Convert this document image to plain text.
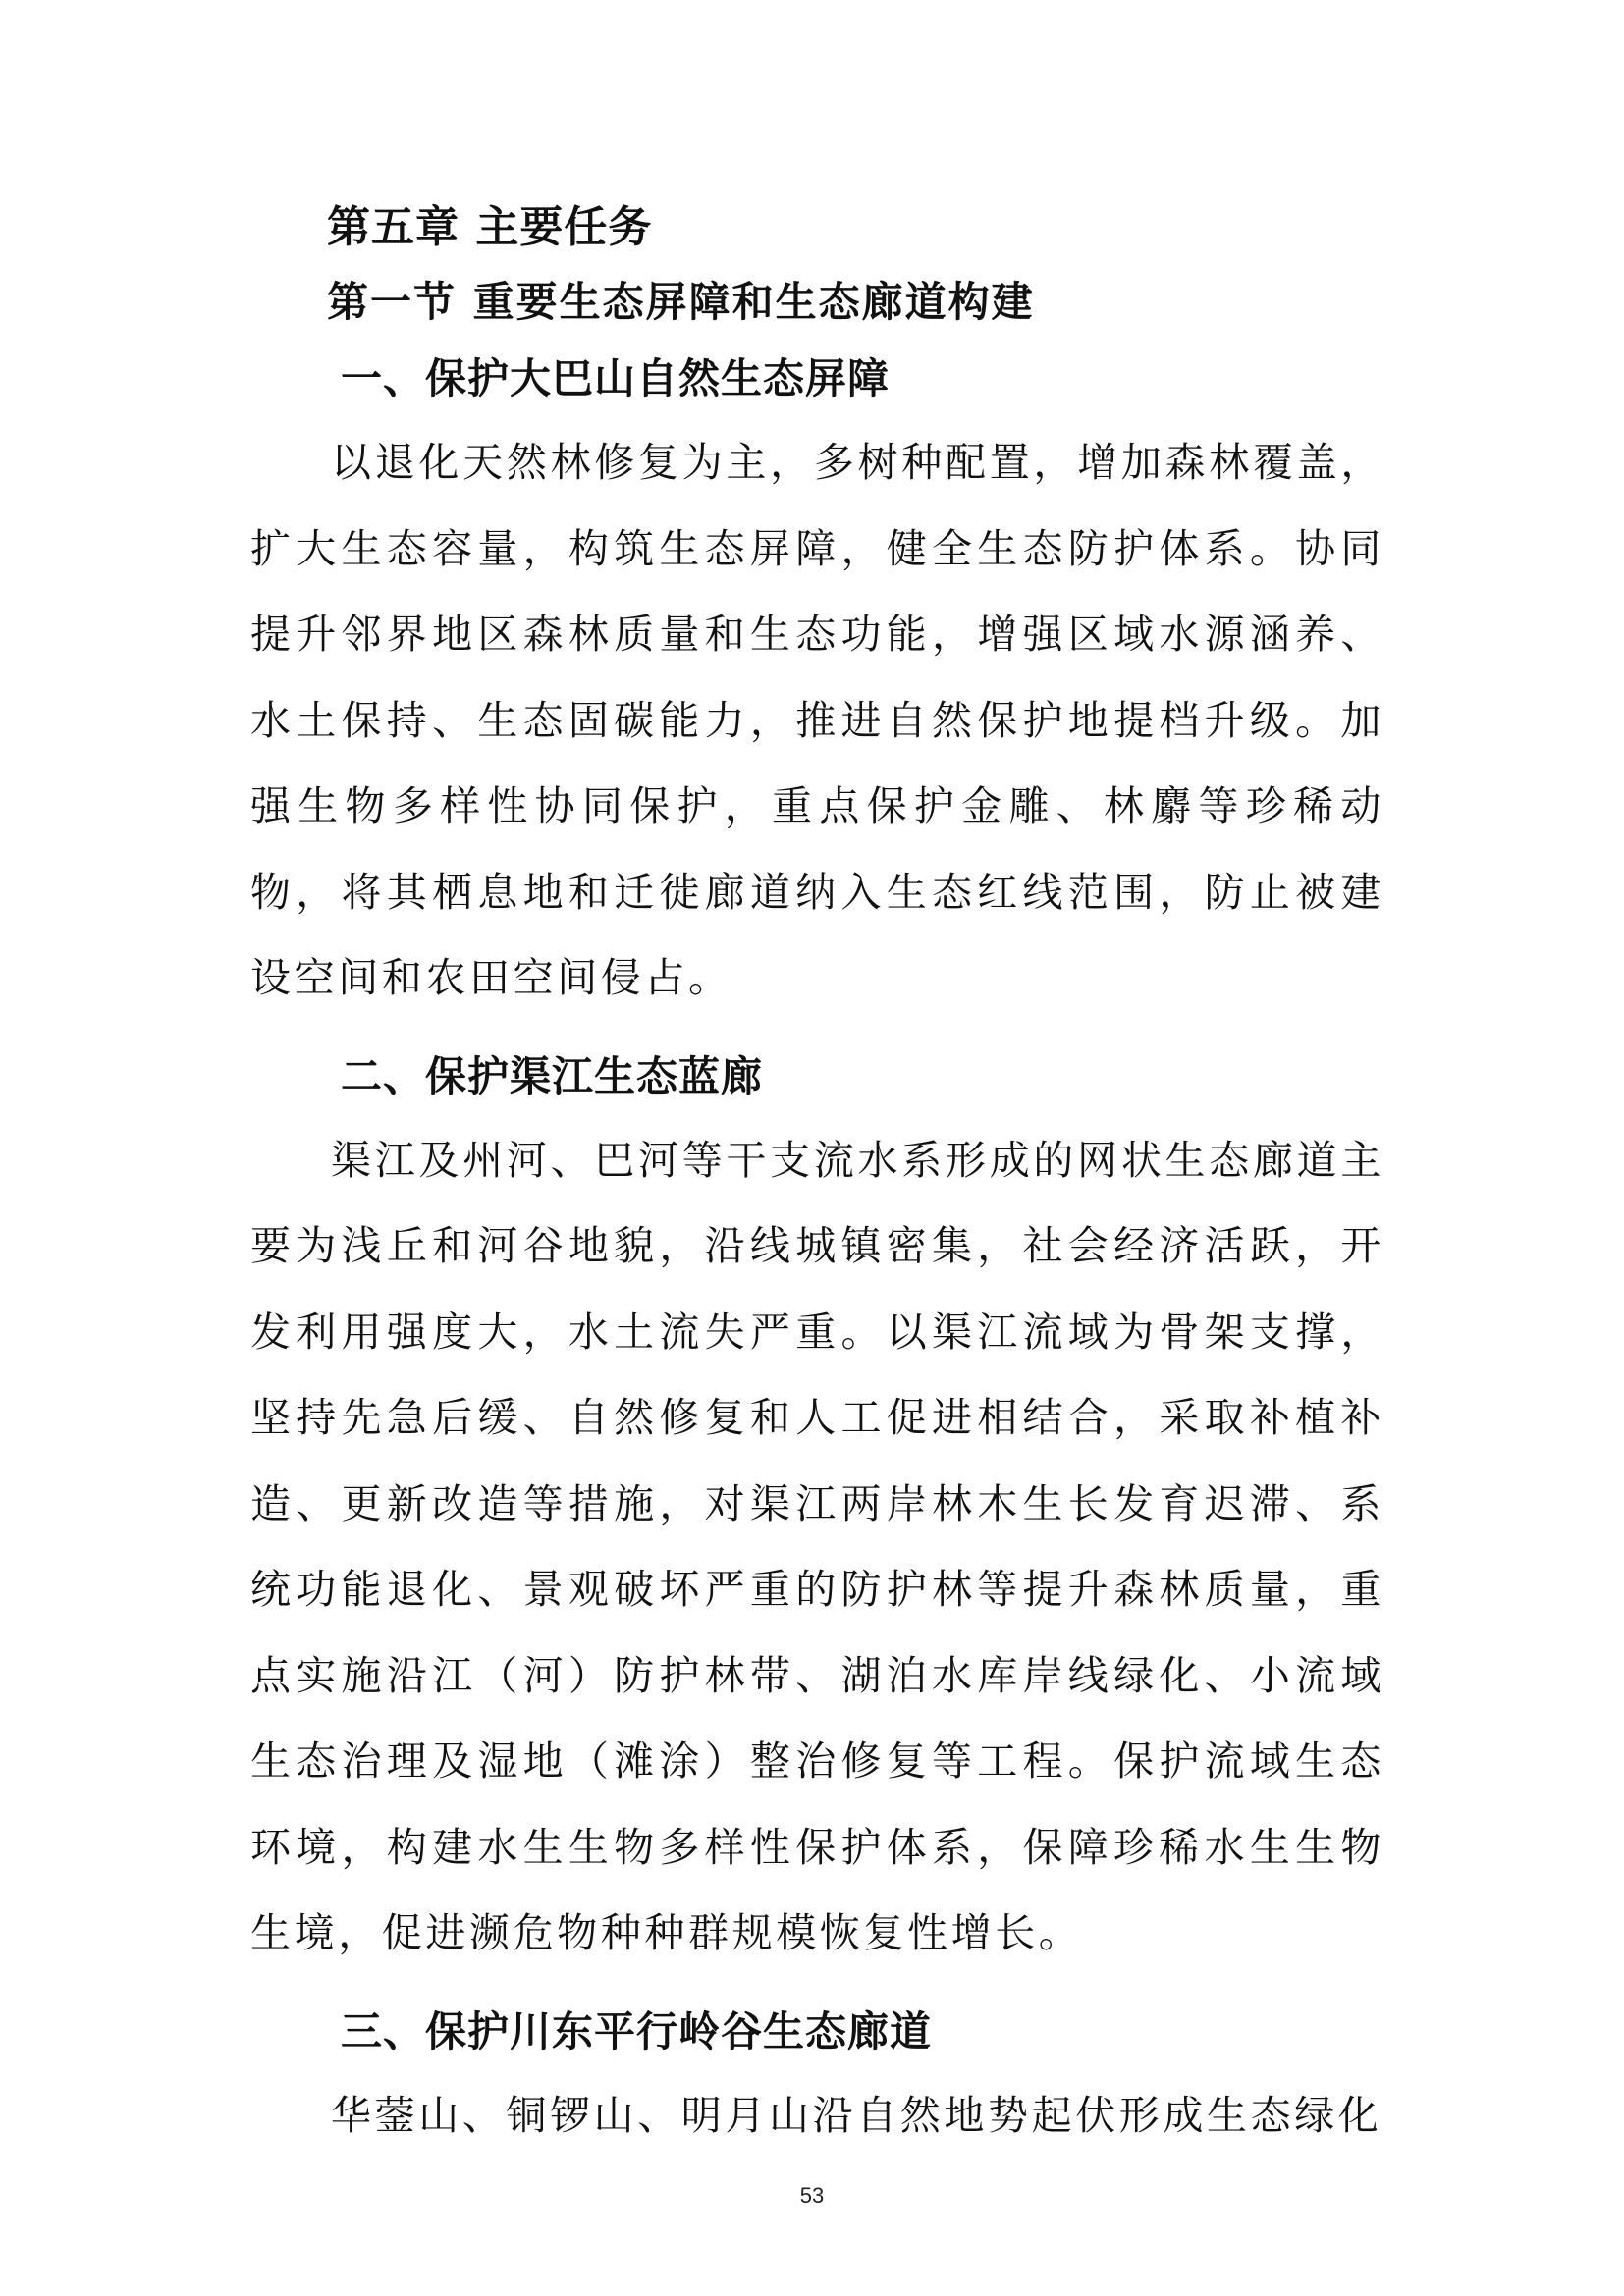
第五章 主要任务
第一节 重要生态屏障和生态廊道构建
一、保护大巴山自然生态屏障

以退化天然林修复为主，多树种配置，增加森林覆盖，扩大生态容量，构筑生态屏障，健全生态防护体系。协同提升邻界地区森林质量和生态功能，增强区域水源涵养、水土保持、生态固碳能力，推进自然保护地提档升级。加强生物多样性协同保护，重点保护金雕、林麝等珍稀动物，将其栖息地和迁徙廊道纳入生态红线范围，防止被建设空间和农田空间侵占。

二、保护渠江生态蓝廊

渠江及州河、巴河等干支流水系形成的网状生态廊道主要为浅丘和河谷地貌，沿线城镇密集，社会经济活跃，开发利用强度大，水土流失严重。以渠江流域为骨架支撑，坚持先急后缓、自然修复和人工促进相结合，采取补植补造、更新改造等措施，对渠江两岸林木生长发育迟滞、系统功能退化、景观破坏严重的防护林等提升森林质量，重点实施沿江（河）防护林带、湖泊水库岸线绿化、小流域生态治理及湿地（滩涂）整治修复等工程。保护流域生态环境，构建水生生物多样性保护体系，保障珍稀水生生物生境，促进濒危物种种群规模恢复性增长。

三、保护川东平行岭谷生态廊道

华蓥山、铜锣山、明月山沿自然地势起伏形成生态绿化

53
